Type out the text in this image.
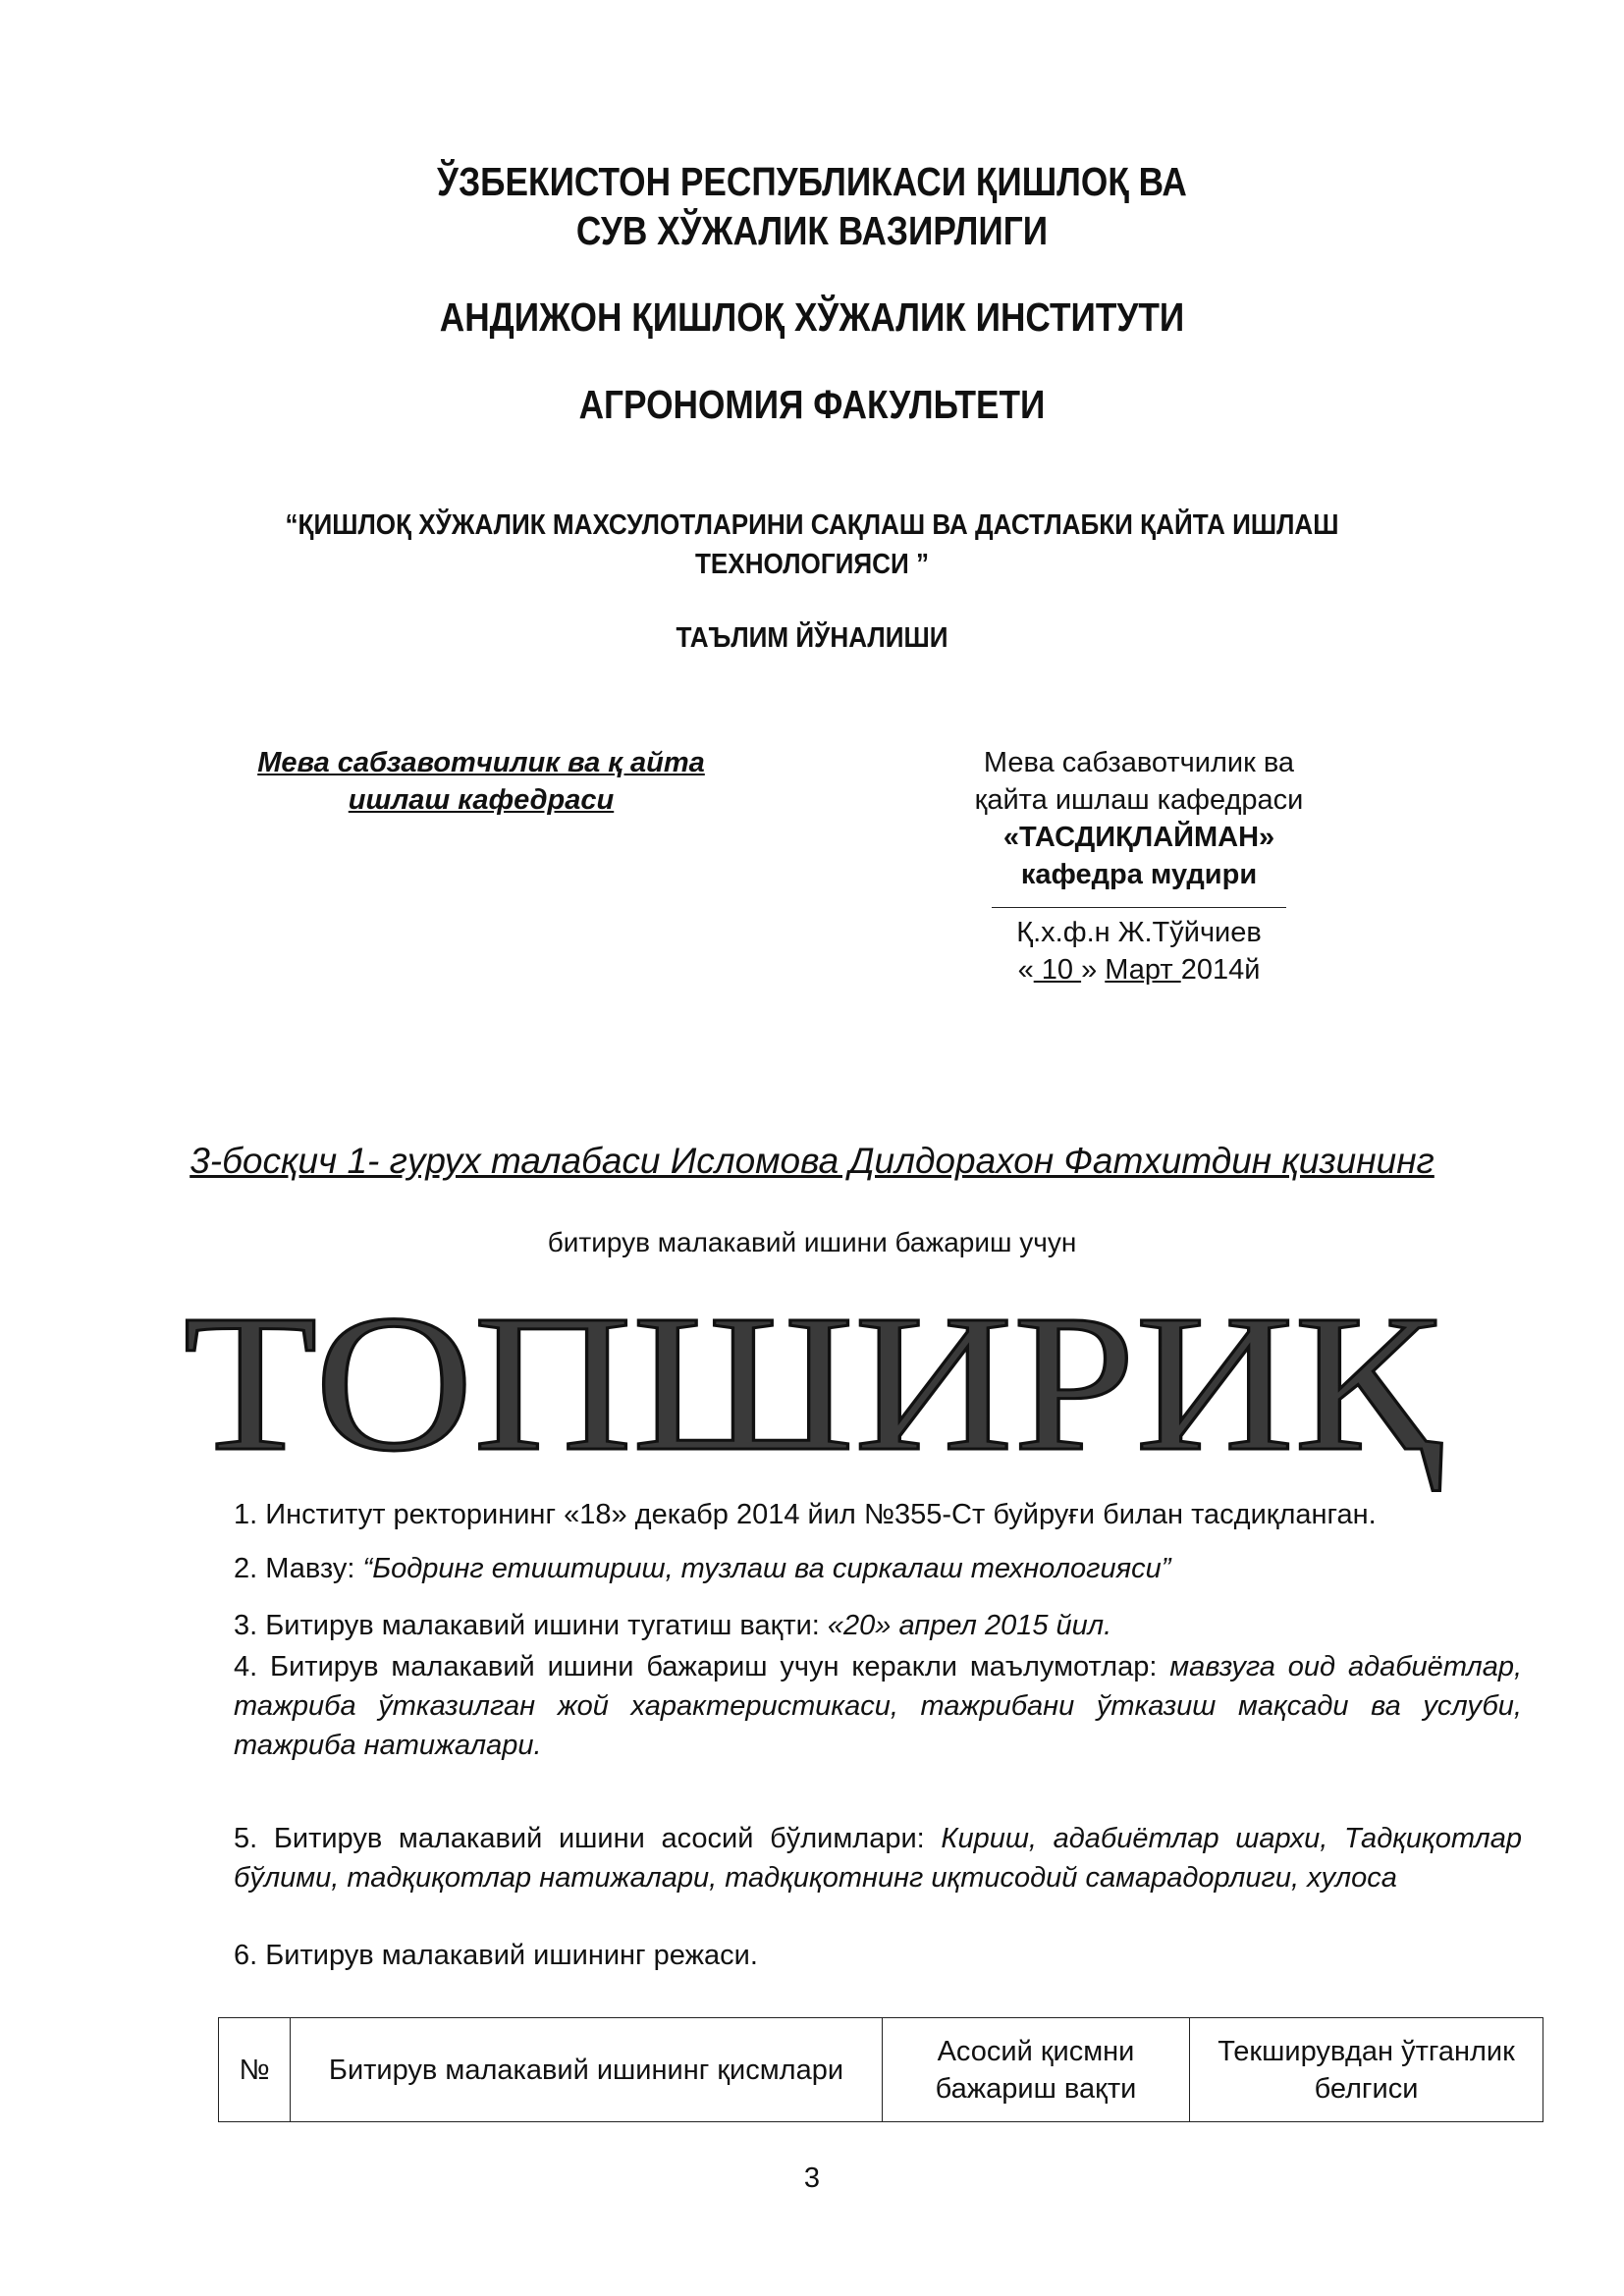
ЎЗБЕКИСТОН РЕСПУБЛИКАСИ ҚИШЛОҚ ВА
СУВ ХЎЖАЛИК ВАЗИРЛИГИ
АНДИЖОН ҚИШЛОҚ ХЎЖАЛИК ИНСТИТУТИ
АГРОНОМИЯ ФАКУЛЬТЕТИ
“ҚИШЛОҚ ХЎЖАЛИК МАХСУЛОТЛАРИНИ САҚЛАШ ВА ДАСТЛАБКИ ҚАЙТА ИШЛАШ
ТЕХНОЛОГИЯСИ ”
ТАЪЛИМ ЙЎНАЛИШИ
Мева сабзавотчилик ва қ айта
ишлаш кафедраси
Мева сабзавотчилик ва
қайта ишлаш кафедраси
«ТАСДИҚЛАЙМАН»
кафедра мудири
Қ.х.ф.н Ж.Тўйчиев
« 10 » Март 2014й
3-босқич 1- гурух талабаси Исломова Дилдорахон Фатхитдин қизининг
битирув малакавий ишини бажариш учун
ТОПШИРИҚ
1. Институт ректорининг «18» декабр 2014 йил №355-Ст буйруғи билан тасдиқланган.
2. Мавзу: “Бодринг етиштириш, тузлаш ва сиркалаш технологияси”
3. Битирув малакавий ишини тугатиш вақти: «20» апрел 2015 йил.
4. Битирув малакавий ишини бажариш учун керакли маълумотлар: мавзуга оид адабиётлар, тажриба ўтказилган жой характеристикаси, тажрибани ўтказиш мақсади ва услуби, тажриба натижалари.
5. Битирув малакавий ишини асосий бўлимлари: Кириш, адабиётлар шархи, Тадқиқотлар бўлими, тадқиқотлар натижалари, тадқиқотнинг иқтисодий самарадорлиги, хулоса
6. Битирув малакавий ишининг режаси.
№	Битирув малакавий ишининг қисмлари	Асосий қисмни бажариш вақти	Текширувдан ўтганлик белгиси
3
